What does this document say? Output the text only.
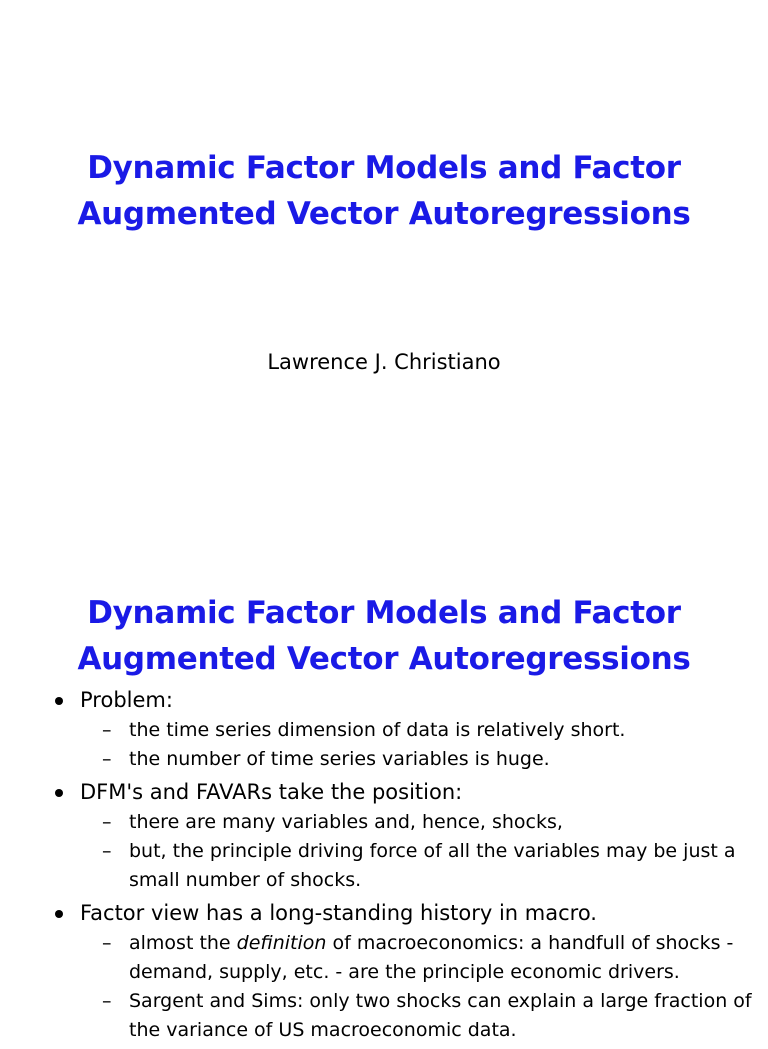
Dynamic Factor Models and Factor
Augmented Vector Autoregressions
Lawrence J. Christiano
Dynamic Factor Models and Factor
Augmented Vector Autoregressions
Problem:
– the time series dimension of data is relatively short.
– the number of time series variables is huge.
DFM's and FAVARs take the position:
– there are many variables and, hence, shocks,
– but, the principle driving force of all the variables may be just a small number of shocks.
Factor view has a long-standing history in macro.
– almost the definition of macroeconomics: a handfull of shocks - demand, supply, etc. - are the principle economic drivers.
– Sargent and Sims: only two shocks can explain a large fraction of the variance of US macroeconomic data.
